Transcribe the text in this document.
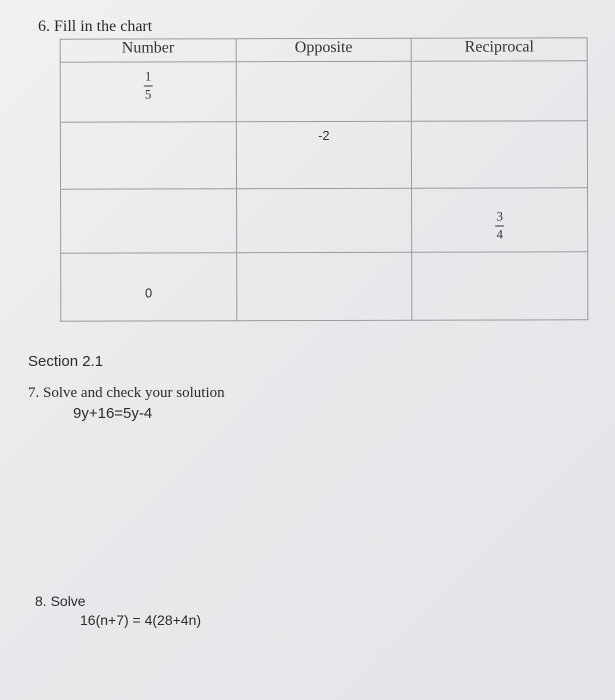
6. Fill in the chart
Number	Opposite	Reciprocal

$\frac{1}{5}$

	-2	

		$\frac{3}{4}$

0		
Section 2.1
7. Solve and check your solution
9y+16=5y-4
8. Solve
16(n+7) = 4(28+4n)
